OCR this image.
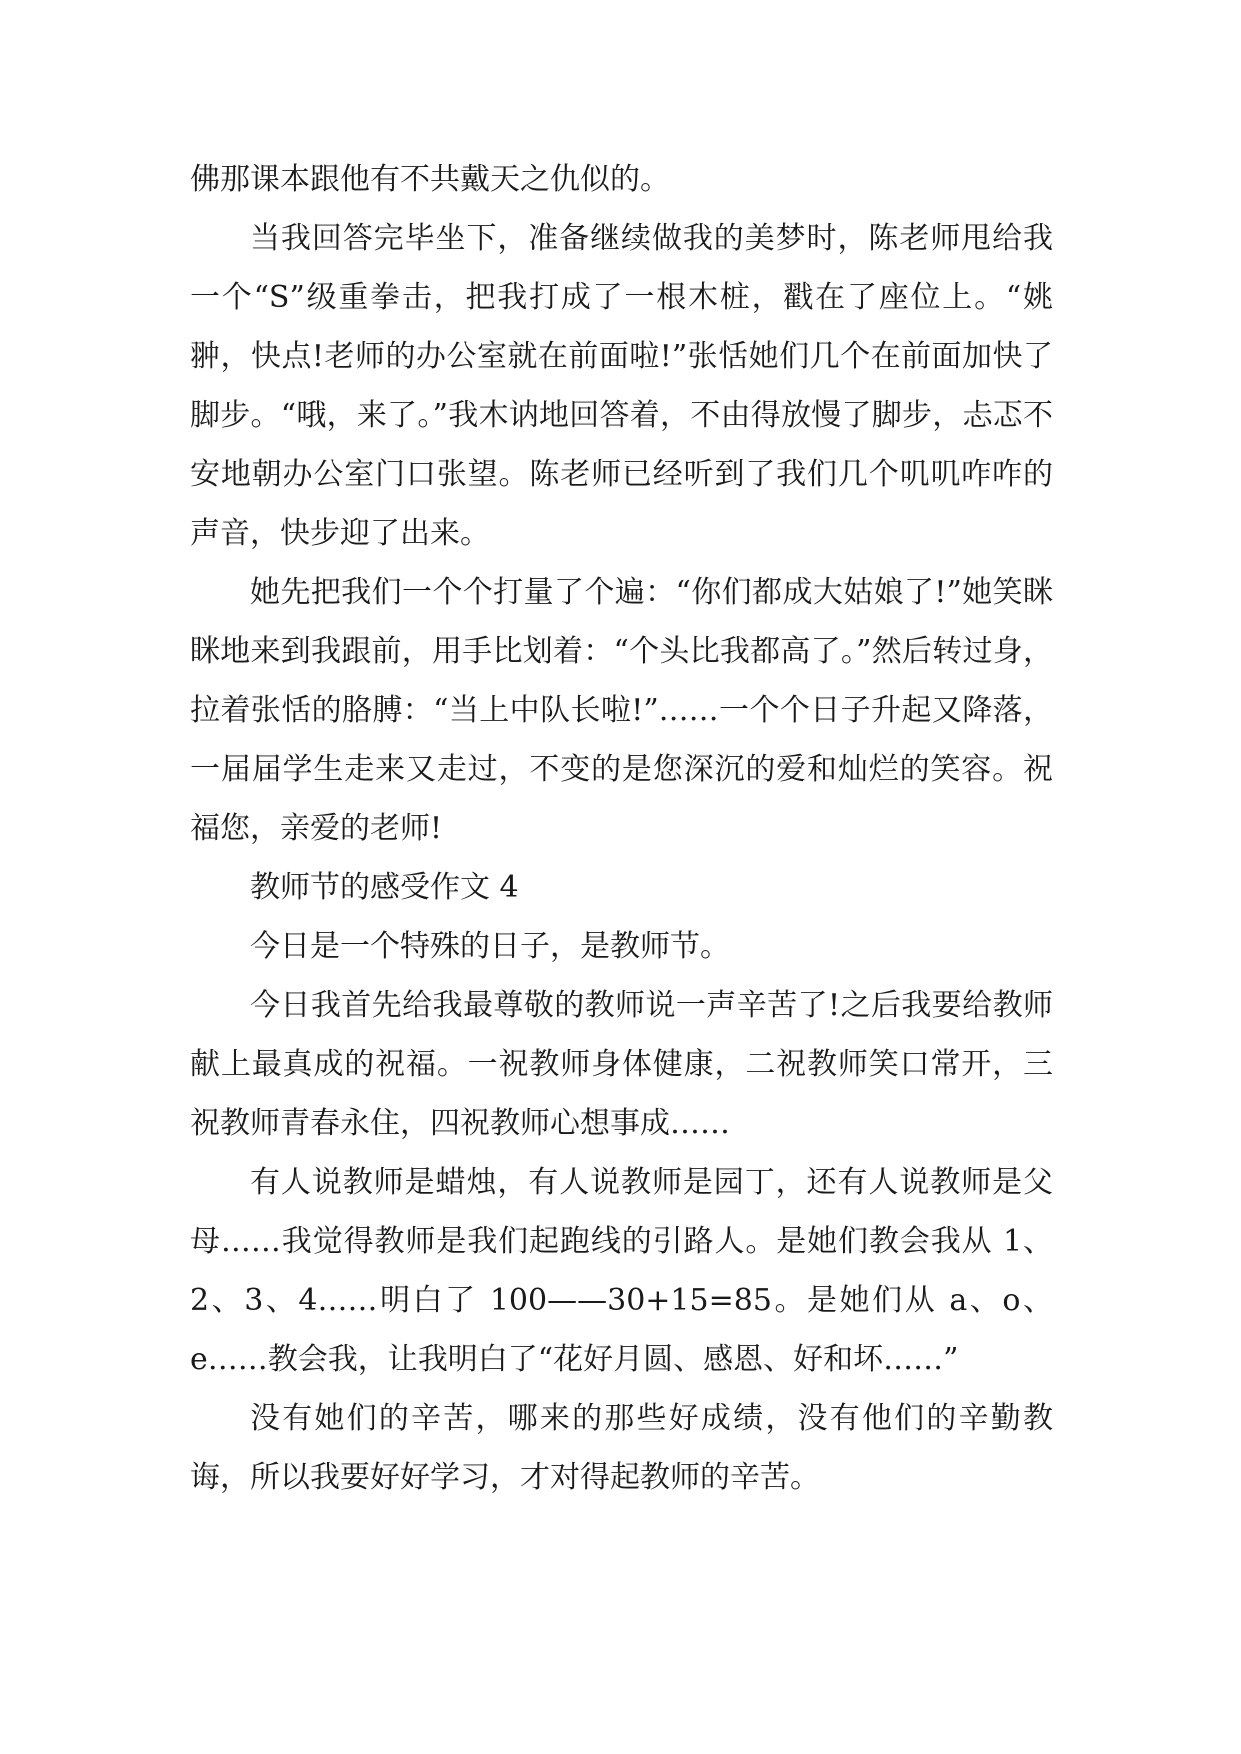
佛那课本跟他有不共戴天之仇似的。

当我回答完毕坐下，准备继续做我的美梦时，陈老师甩给我一个“S”级重拳击，把我打成了一根木桩，戳在了座位上。“姚翀，快点!老师的办公室就在前面啦!”张恬她们几个在前面加快了脚步。“哦，来了。”我木讷地回答着，不由得放慢了脚步，忐忑不安地朝办公室门口张望。陈老师已经听到了我们几个叽叽咋咋的声音，快步迎了出来。

她先把我们一个个打量了个遍：“你们都成大姑娘了!”她笑眯眯地来到我跟前，用手比划着：“个头比我都高了。”然后转过身，拉着张恬的胳膊：“当上中队长啦!”……一个个日子升起又降落，一届届学生走来又走过，不变的是您深沉的爱和灿烂的笑容。祝福您，亲爱的老师!

教师节的感受作文 4

今日是一个特殊的日子，是教师节。

今日我首先给我最尊敬的教师说一声辛苦了!之后我要给教师献上最真成的祝福。一祝教师身体健康，二祝教师笑口常开，三祝教师青春永住，四祝教师心想事成……

有人说教师是蜡烛，有人说教师是园丁，还有人说教师是父母……我觉得教师是我们起跑线的引路人。是她们教会我从 1、2、3、4……明白了 100——30+15=85。是她们从 a、o、e……教会我，让我明白了“花好月圆、感恩、好和坏……”

没有她们的辛苦，哪来的那些好成绩，没有他们的辛勤教诲，所以我要好好学习，才对得起教师的辛苦。
